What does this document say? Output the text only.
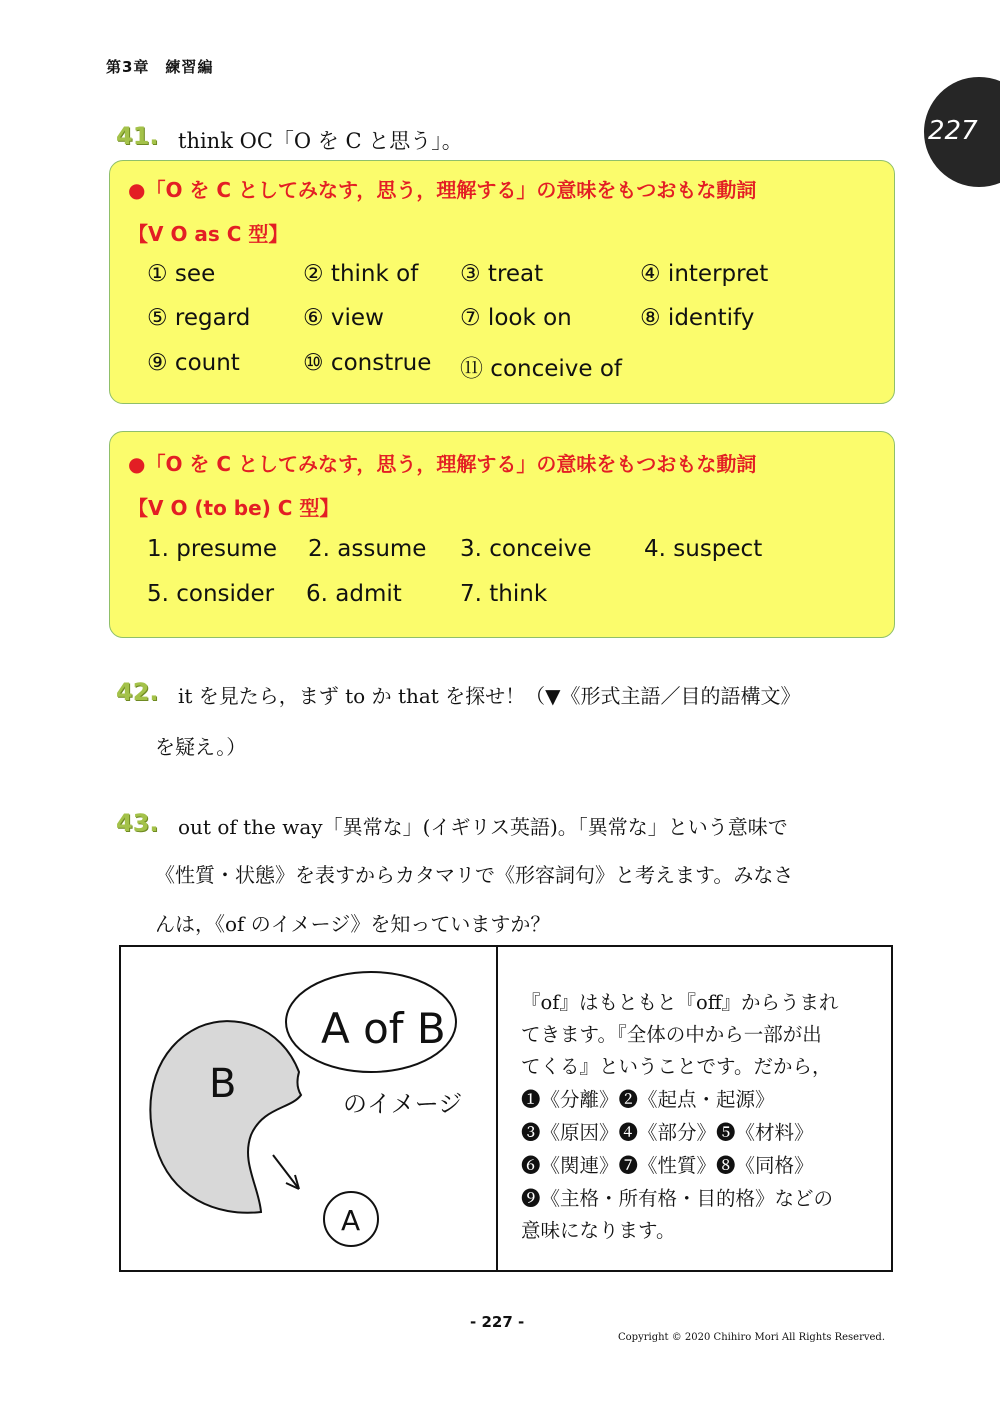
第3章　練習編
227
41. think OC「O を C と思う」。
●「O を C としてみなす，思う，理解する」の意味をもつおもな動詞
【V O as C 型】
① see	② think of ③ treat	④ interpret
⑤ regard ⑥ view	⑦ look on	⑧ identify
⑨ count	⑩ construe ⑪ conceive of
●「O を C としてみなす，思う，理解する」の意味をもつおもな動詞
【V O (to be) C 型】
1. presume 2. assume 3. conceive 4. suspect
5. consider 6. admit	7. think
42. it を見たら，まず to か that を探せ！（▼《形式主語／目的語構文》
を疑え。）
43. out of the way「異常な」(イギリス英語)。「異常な」という意味で
《性質・状態》を表すからカタマリで《形容詞句》と考えます。みなさ
んは，《of のイメージ》を知っていますか？
B
A of B
のイメージ
A
『of』はもともと『off』からうまれ
てきます。『全体の中から一部が出
てくる』ということです。だから，
❶《分離》❷《起点・起源》
❸《原因》❹《部分》❺《材料》
❻《関連》❼《性質》❽《同格》
❾《主格・所有格・目的格》などの
意味になります。
- 227 -
Copyright © 2020 Chihiro Mori All Rights Reserved.
